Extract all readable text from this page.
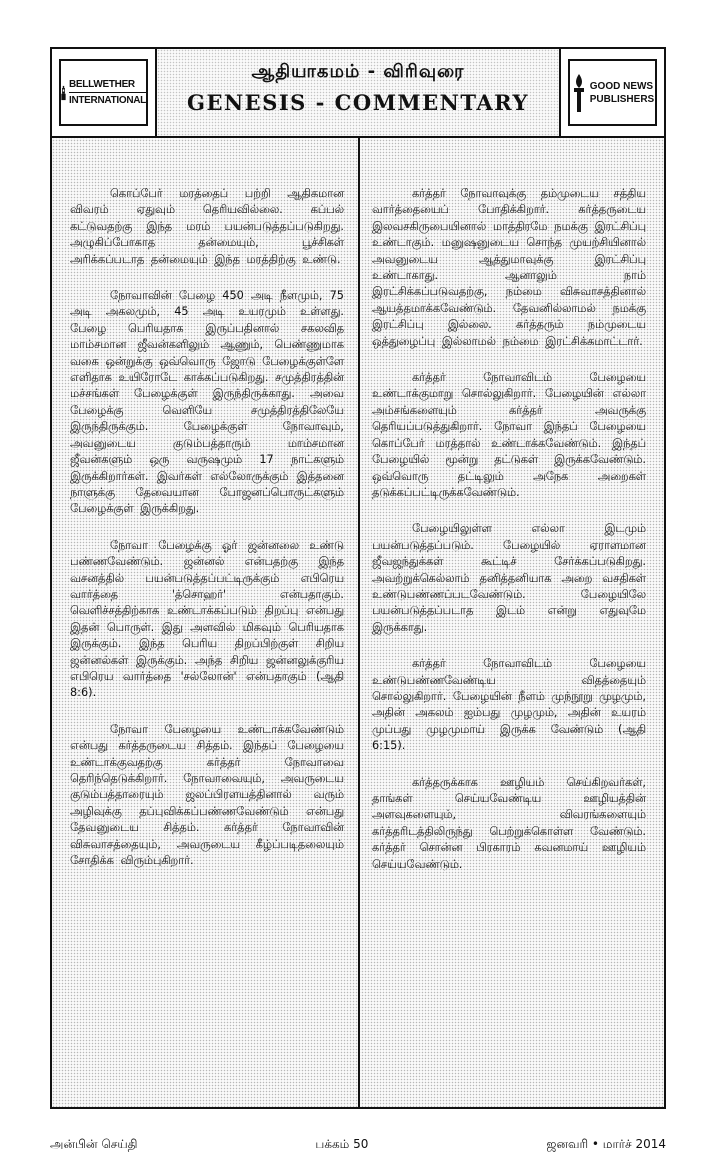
BELLWETHER
INTERNATIONAL
ஆதியாகமம் - விரிவுரை
GENESIS - COMMENTARY
GOOD NEWS
PUBLISHERS

கொப்பேர் மரத்தைப் பற்றி ஆதிகமான விவரம் ஏதுவும் தெரியவில்லை. கப்பல் கட்டுவதற்கு இந்த மரம் பயன்படுத்தப்படுகிறது. அழுகிப்போகாத தன்மையும், பூச்சிகள் அரிக்கப்படாத தன்மையும் இந்த மரத்திற்கு உண்டு.

நோவாவின் பேழை 450 அடி நீளமும், 75 அடி அகலமும், 45 அடி உயரமும் உள்ளது. பேழை பெரியதாக இருப்பதினால் சகலவித மாம்சமான ஜீவன்களிலும் ஆணும், பெண்ணுமாக வகை ஒன்றுக்கு ஒவ்வொரு ஜோடு பேழைக்குள்ளே எளிதாக உயிரோடே காக்கப்படுகிறது. சமுத்திரத்தின் மச்சங்கள் பேழைக்குள் இருந்திருக்காது. அவை பேழைக்கு வெளியே சமுத்திரத்திலேயே இருந்திருக்கும். பேழைக்குள் நோவாவும், அவனுடைய குடும்பத்தாரும் மாம்சமான ஜீவன்களும் ஒரு வருஷமும் 17 நாட்களும் இருக்கிறார்கள். இவர்கள் எல்லோருக்கும் இத்தனை நாளுக்கு தேவையான போஜனப்பொருட்களும் பேழைக்குள் இருக்கிறது.

நோவா பேழைக்கு ஓர் ஜன்னலை உண்டு பண்ணவேண்டும். ஜன்னல் என்பதற்கு இந்த வசனத்தில் பயன்படுத்தப்பட்டிருக்கும் எபிரெய வார்த்தை 'த்சொஹர்' என்பதாகும். வெளிச்சத்திற்காக உண்டாக்கப்படும் திறப்பு என்பது இதன் பொருள். இது அளவில் மிகவும் பெரியதாக இருக்கும். இந்த பெரிய திறப்பிற்குள் சிறிய ஜன்னல்கள் இருக்கும். அந்த சிறிய ஜன்னலுக்குரிய எபிரெய வார்த்தை 'சல்லோன்' என்பதாகும் (ஆதி 8:6).

நோவா பேழையை உண்டாக்கவேண்டும் என்பது கர்த்தருடைய சித்தம். இந்தப் பேழையை உண்டாக்குவதற்கு கர்த்தர் நோவாவை தெரிந்தெடுக்கிறார். நோவாவையும், அவருடைய குடும்பத்தாரையும் ஜலப்பிரளயத்தினால் வரும் அழிவுக்கு தப்புவிக்கப்பண்ணவேண்டும் என்பது தேவனுடைய சித்தம். கர்த்தர் நோவாவின் விசுவாசத்தையும், அவருடைய கீழ்ப்படிதலையும் சோதிக்க விரும்புகிறார்.

கர்த்தர் நோவாவுக்கு தம்முடைய சத்திய வார்த்தையைப் போதிக்கிறார். கர்த்தருடைய இலவசகிருபையினால் மாத்திரமே நமக்கு இரட்சிப்பு உண்டாகும். மனுஷனுடைய சொந்த முயற்சியினால் அவனுடைய ஆத்துமாவுக்கு இரட்சிப்பு உண்டாகாது. ஆனாலும் நாம் இரட்சிக்கப்படுவதற்கு, நம்மை விசுவாசத்தினால் ஆயத்தமாக்கவேண்டும். தேவனில்லாமல் நமக்கு இரட்சிப்பு இல்லை. கர்த்தரும் நம்முடைய ஒத்துழைப்பு இல்லாமல் நம்மை இரட்சிக்கமாட்டார்.

கர்த்தர் நோவாவிடம் பேழையை உண்டாக்குமாறு சொல்லுகிறார். பேழையின் எல்லா அம்சங்களையும் கர்த்தர் அவருக்கு தெரியப்படுத்துகிறார். நோவா இந்தப் பேழையை கொப்பேர் மரத்தால் உண்டாக்கவேண்டும். இந்தப் பேழையில் மூன்று தட்டுகள் இருக்கவேண்டும். ஒவ்வொரு தட்டிலும் அநேக அறைகள் தடுக்கப்பட்டிருக்கவேண்டும்.

பேழையிலுள்ள எல்லா இடமும் பயன்படுத்தப்படும். பேழையில் ஏராளமான ஜீவஜந்துக்கள் கூட்டிச் சேர்க்கப்படுகிறது. அவற்றுக்கெல்லாம் தனித்தனியாக அறை வசதிகள் உண்டுபண்ணப்படவேண்டும். பேழையிலே பயன்படுத்தப்படாத இடம் என்று எதுவுமே இருக்காது.

கர்த்தர் நோவாவிடம் பேழையை உண்டுபண்ணவேண்டிய விதத்தையும் சொல்லுகிறார். பேழையின் நீளம் முந்நூறு முழமும், அதின் அகலம் ஐம்பது முழமும், அதின் உயரம் முப்பது முழமுமாய் இருக்க வேண்டும் (ஆதி 6:15).

கர்த்தருக்காக ஊழியம் செய்கிறவர்கள், தாங்கள் செய்யவேண்டிய ஊழியத்தின் அளவுகளையும், விவரங்களையும் கர்த்தரிடத்திலிருந்து பெற்றுக்கொள்ள வேண்டும். கர்த்தர் சொன்ன பிரகாரம் கவனமாய் ஊழியம் செய்யவேண்டும்.

அன்பின் செய்தி	பக்கம் 50	ஜனவரி • மார்ச் 2014
